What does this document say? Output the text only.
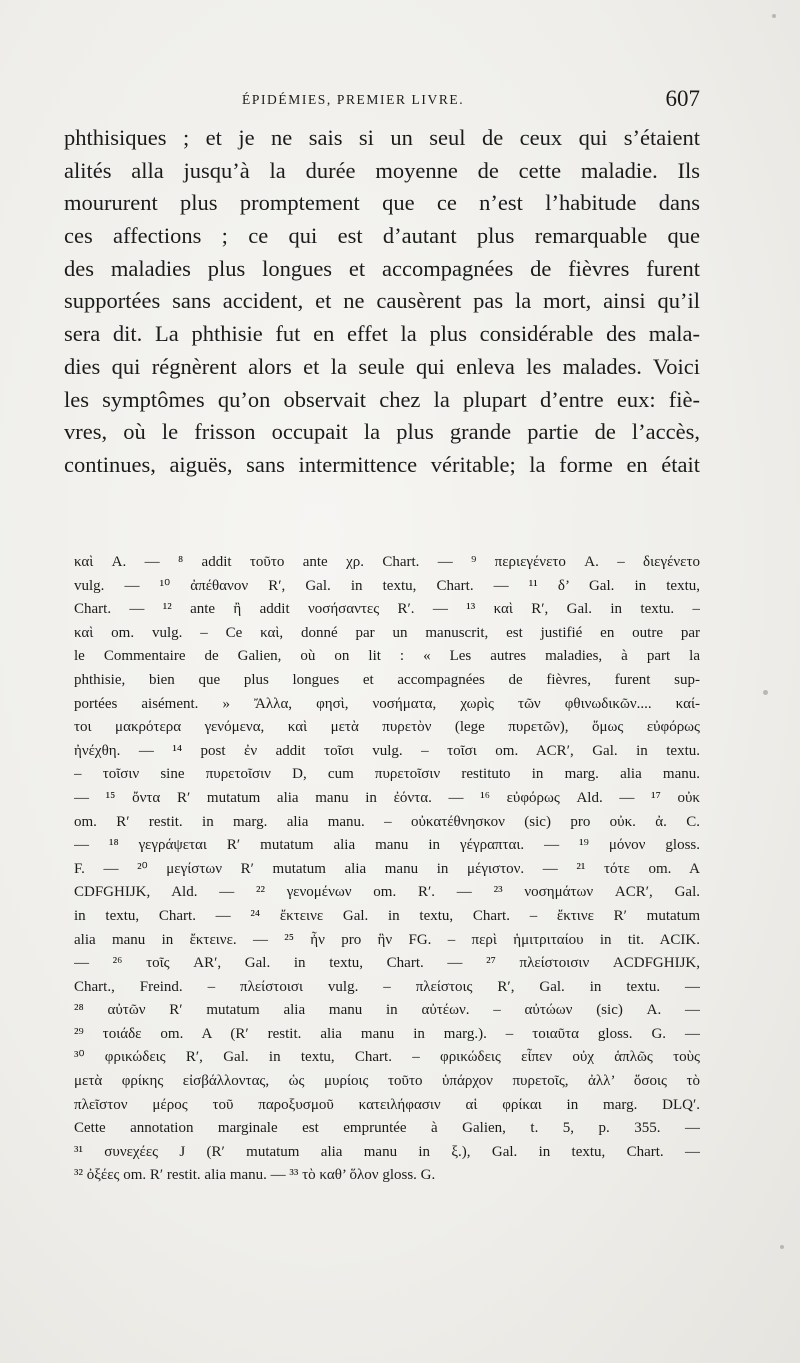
ÉPIDÉMIES, PREMIER LIVRE.	607
phthisiques ; et je ne sais si un seul de ceux qui s’étaient
alités alla jusqu’à la durée moyenne de cette maladie. Ils
moururent plus promptement que ce n’est l’habitude dans
ces affections ; ce qui est d’autant plus remarquable que
des maladies plus longues et accompagnées de fièvres furent
supportées sans accident, et ne causèrent pas la mort, ainsi qu’il
sera dit. La phthisie fut en effet la plus considérable des mala-
dies qui régnèrent alors et la seule qui enleva les malades. Voici
les symptômes qu’on observait chez la plupart d’entre eux: fiè-
vres, où le frisson occupait la plus grande partie de l’accès,
continues, aiguës, sans intermittence véritable; la forme en était
καὶ A. — ⁸ addit τοῦτο ante χρ. Chart. — ⁹ περιεγένετο A. – διεγένετο
vulg. — ¹⁰ ἀπέθανον R′, Gal. in textu, Chart. — ¹¹ δ’ Gal. in textu,
Chart. — ¹² ante ἢ addit νοσήσαντες R′. — ¹³ καὶ R′, Gal. in textu. –
καὶ om. vulg. – Ce καὶ, donné par un manuscrit, est justifié en outre par
le Commentaire de Galien, où on lit : « Les autres maladies, à part la
phthisie, bien que plus longues et accompagnées de fièvres, furent sup-
portées aisément. » Ἄλλα, φησὶ, νοσήματα, χωρὶς τῶν φθινωδικῶν.... καί-
τοι μακρότερα γενόμενα, καὶ μετὰ πυρετὸν (lege πυρετῶν), ὅμως εὐφόρως
ἠνέχθη. — ¹⁴ post ἐν addit τοῖσι vulg. – τοῖσι om. ACR′, Gal. in textu.
– τοῖσιν sine πυρετοῖσιν D, cum πυρετοῖσιν restituto in marg. alia manu.
— ¹⁵ ὄντα R′ mutatum alia manu in ἐόντα. — ¹⁶ εὐφόρως Ald. — ¹⁷ οὐκ
om. R′ restit. in marg. alia manu. – οὐκατέθνησκον (sic) pro οὐκ. ἀ. C.
— ¹⁸ γεγράψεται R′ mutatum alia manu in γέγραπται. — ¹⁹ μόνον gloss.
F. — ²⁰ μεγίστων R′ mutatum alia manu in μέγιστον. — ²¹ τότε om. A
CDFGHIJK, Ald. — ²² γενομένων om. R′. — ²³ νοσημάτων ACR′, Gal.
in textu, Chart. — ²⁴ ἔκτεινε Gal. in textu, Chart. – ἔκτινε R′ mutatum
alia manu in ἔκτεινε. — ²⁵ ἦν pro ἣν FG. – περὶ ἡμιτριταίου in tit. ACIK.
— ²⁶ τοῖς AR′, Gal. in textu, Chart. — ²⁷ πλείστοισιν ACDFGHIJK,
Chart., Freind. – πλείστοισι vulg. – πλείστοις R′, Gal. in textu. —
²⁸ αὐτῶν R′ mutatum alia manu in αὐτέων. – αὐτώων (sic) A. —
²⁹ τοιάδε om. A (R′ restit. alia manu in marg.). – τοιαῦτα gloss. G. —
³⁰ φρικώδεις R′, Gal. in textu, Chart. – φρικώδεις εἶπεν οὐχ ἁπλῶς τοὺς
μετὰ φρίκης εἰσβάλλοντας, ὡς μυρίοις τοῦτο ὑπάρχον πυρετοῖς, ἀλλ’ ὅσοις τὸ
πλεῖστον μέρος τοῦ παροξυσμοῦ κατειλήφασιν αἱ φρίκαι in marg. DLQ′.
Cette annotation marginale est empruntée à Galien, t. 5, p. 355. —
³¹ συνεχέες J (R′ mutatum alia manu in ξ.), Gal. in textu, Chart. —
³² ὀξέες om. R′ restit. alia manu. — ³³ τὸ καθ’ ὅλον gloss. G.
